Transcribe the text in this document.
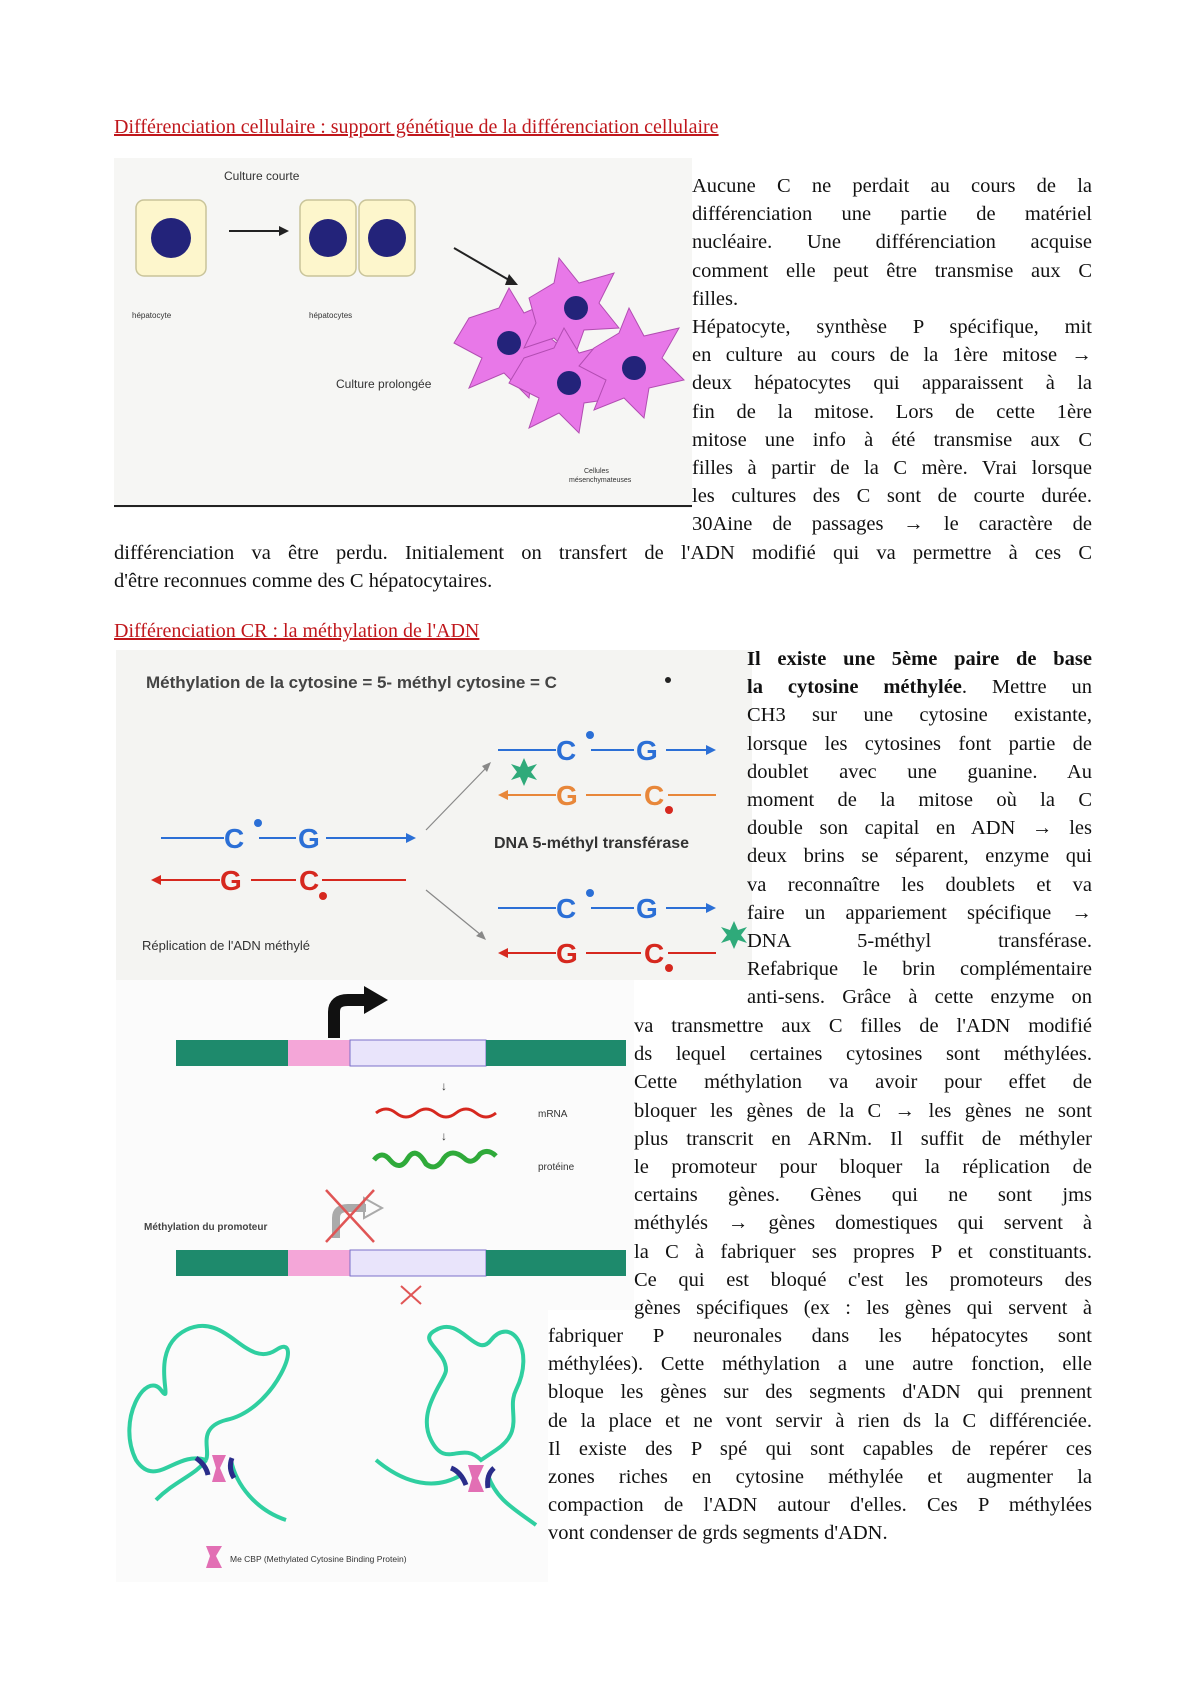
Différenciation cellulaire : support génétique de la différenciation cellulaire
Culture courte
hépatocyte	hépatocytes
Culture prolongée
Cellules
mésenchymateuses
Aucune C ne perdait au cours de la
différenciation une partie de matériel
nucléaire. Une différenciation acquise
comment elle peut être transmise aux C
filles.
Hépatocyte, synthèse P spécifique, mit
en culture au cours de la 1ère mitose →
deux hépatocytes qui apparaissent à la
fin de la mitose. Lors de cette 1ère
mitose une info à été transmise aux C
filles à partir de la C mère. Vrai lorsque
les cultures des C sont de courte durée.
30Aine de passages → le caractère de
différenciation va être perdu. Initialement on transfert de l'ADN modifié qui va permettre à ces C
d'être reconnues comme des C hépatocytaires.
Différenciation CR : la méthylation de l'ADN
Méthylation de la cytosine = 5- méthyl cytosine = C
C G
G C
Réplication de l'ADN méthylé
DNA 5-méthyl transférase
C G
G C
C G
G C
↓
mRNA
↓
protéine
Méthylation du promoteur
Me CBP (Methylated Cytosine Binding Protein)
Il existe une 5ème paire de base
la cytosine méthylée. Mettre un
CH3 sur une cytosine existante,
lorsque les cytosines font partie de
doublet avec une guanine. Au
moment de la mitose où la C
double son capital en ADN → les
deux brins se séparent, enzyme qui
va reconnaître les doublets et va
faire un appariement spécifique →
DNA 5-méthyl transférase.
Refabrique le brin complémentaire
anti-sens. Grâce à cette enzyme on
va transmettre aux C filles de l'ADN modifié
ds lequel certaines cytosines sont méthylées.
Cette méthylation va avoir pour effet de
bloquer les gènes de la C → les gènes ne sont
plus transcrit en ARNm. Il suffit de méthyler
le promoteur pour bloquer la réplication de
certains gènes. Gènes qui ne sont jms
méthylés → gènes domestiques qui servent à
la C à fabriquer ses propres P et constituants.
Ce qui est bloqué c'est les promoteurs des
gènes spécifiques (ex : les gènes qui servent à
fabriquer P neuronales dans les hépatocytes sont
méthylées). Cette méthylation a une autre fonction, elle
bloque les gènes sur des segments d'ADN qui prennent
de la place et ne vont servir à rien ds la C différenciée.
Il existe des P spé qui sont capables de repérer ces
zones riches en cytosine méthylée et augmenter la
compaction de l'ADN autour d'elles. Ces P méthylées
vont condenser de grds segments d'ADN.
